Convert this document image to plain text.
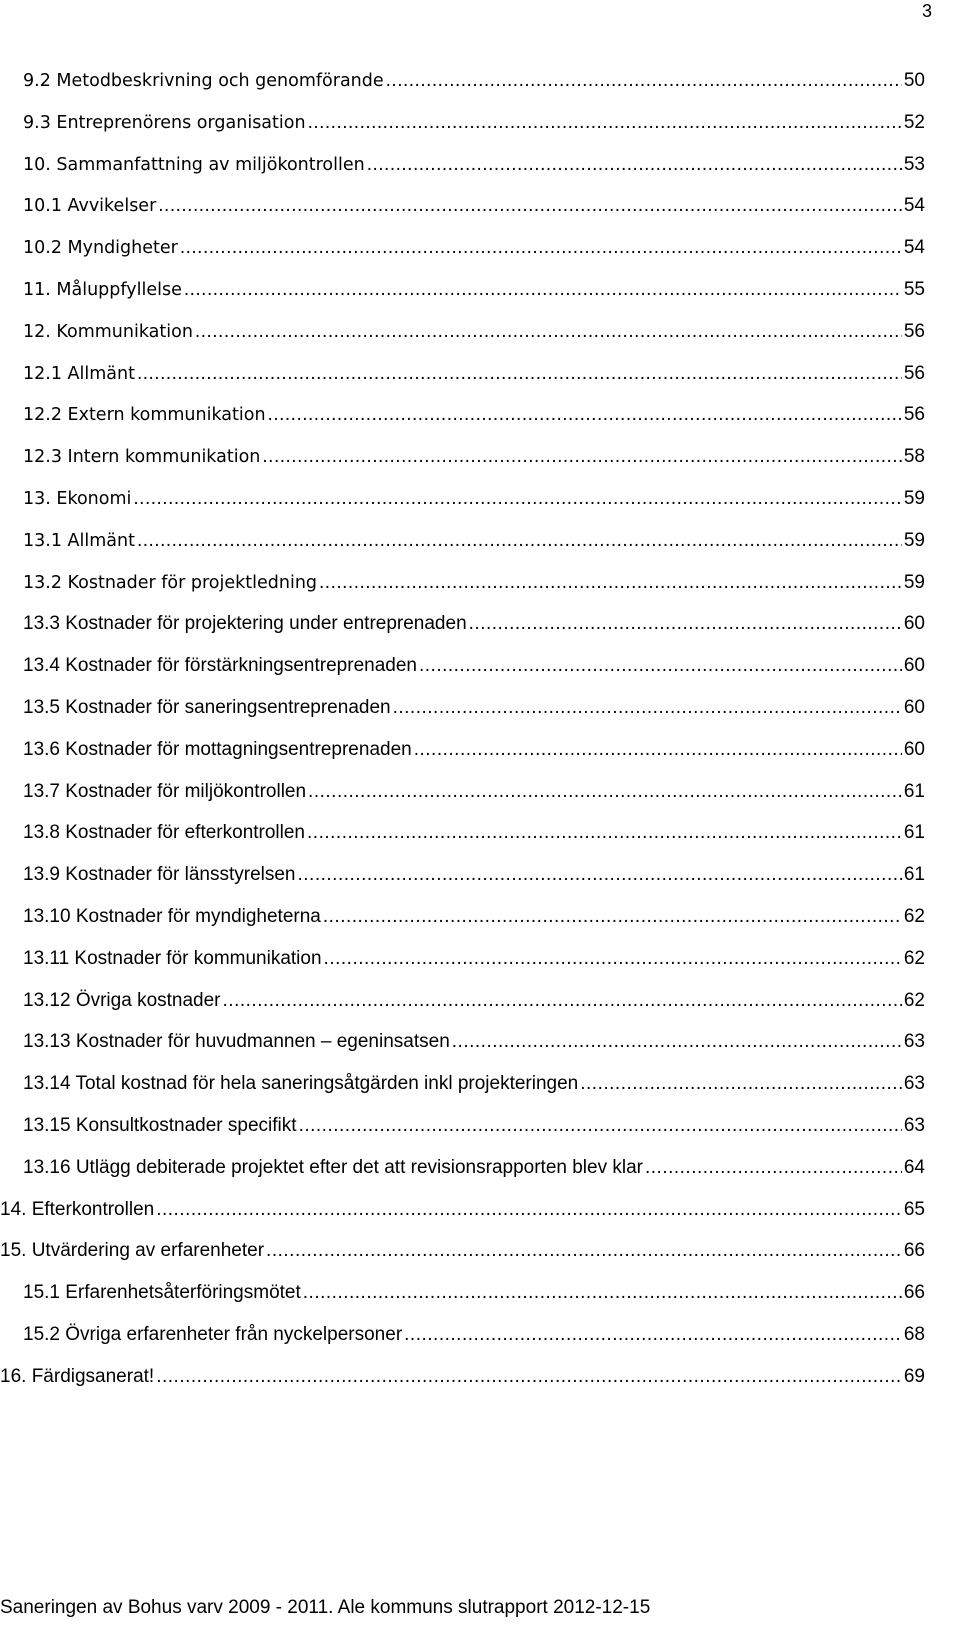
3
9.2 Metodbeskrivning och genomförande .....	50
9.3 Entreprenörens organisation .....	52
10. Sammanfattning av miljökontrollen .....	53
10.1 Avvikelser .....	54
10.2 Myndigheter .....	54
11. Måluppfyllelse .....	55
12. Kommunikation .....	56
12.1 Allmänt .....	56
12.2 Extern kommunikation .....	56
12.3 Intern kommunikation .....	58
13. Ekonomi .....	59
13.1 Allmänt .....	59
13.2 Kostnader för projektledning .....	59
13.3 Kostnader för projektering under entreprenaden .....	60
13.4 Kostnader för förstärkningsentreprenaden .....	60
13.5 Kostnader för saneringsentreprenaden .....	60
13.6 Kostnader för mottagningsentreprenaden .....	60
13.7 Kostnader för miljökontrollen .....	61
13.8 Kostnader för efterkontrollen .....	61
13.9 Kostnader för länsstyrelsen .....	61
13.10 Kostnader för myndigheterna .....	62
13.11 Kostnader för kommunikation .....	62
13.12 Övriga kostnader .....	62
13.13 Kostnader för huvudmannen – egeninsatsen .....	63
13.14 Total kostnad för hela saneringsåtgärden inkl projekteringen .....	63
13.15 Konsultkostnader specifikt .....	63
13.16 Utlägg debiterade projektet efter det att revisionsrapporten blev klar .....	64
14. Efterkontrollen .....	65
15. Utvärdering av erfarenheter .....	66
15.1 Erfarenhetsåterföringsmötet .....	66
15.2 Övriga erfarenheter från nyckelpersoner .....	68
16. Färdigsanerat! .....	69
Saneringen av Bohus varv 2009 - 2011. Ale kommuns slutrapport 2012-12-15
